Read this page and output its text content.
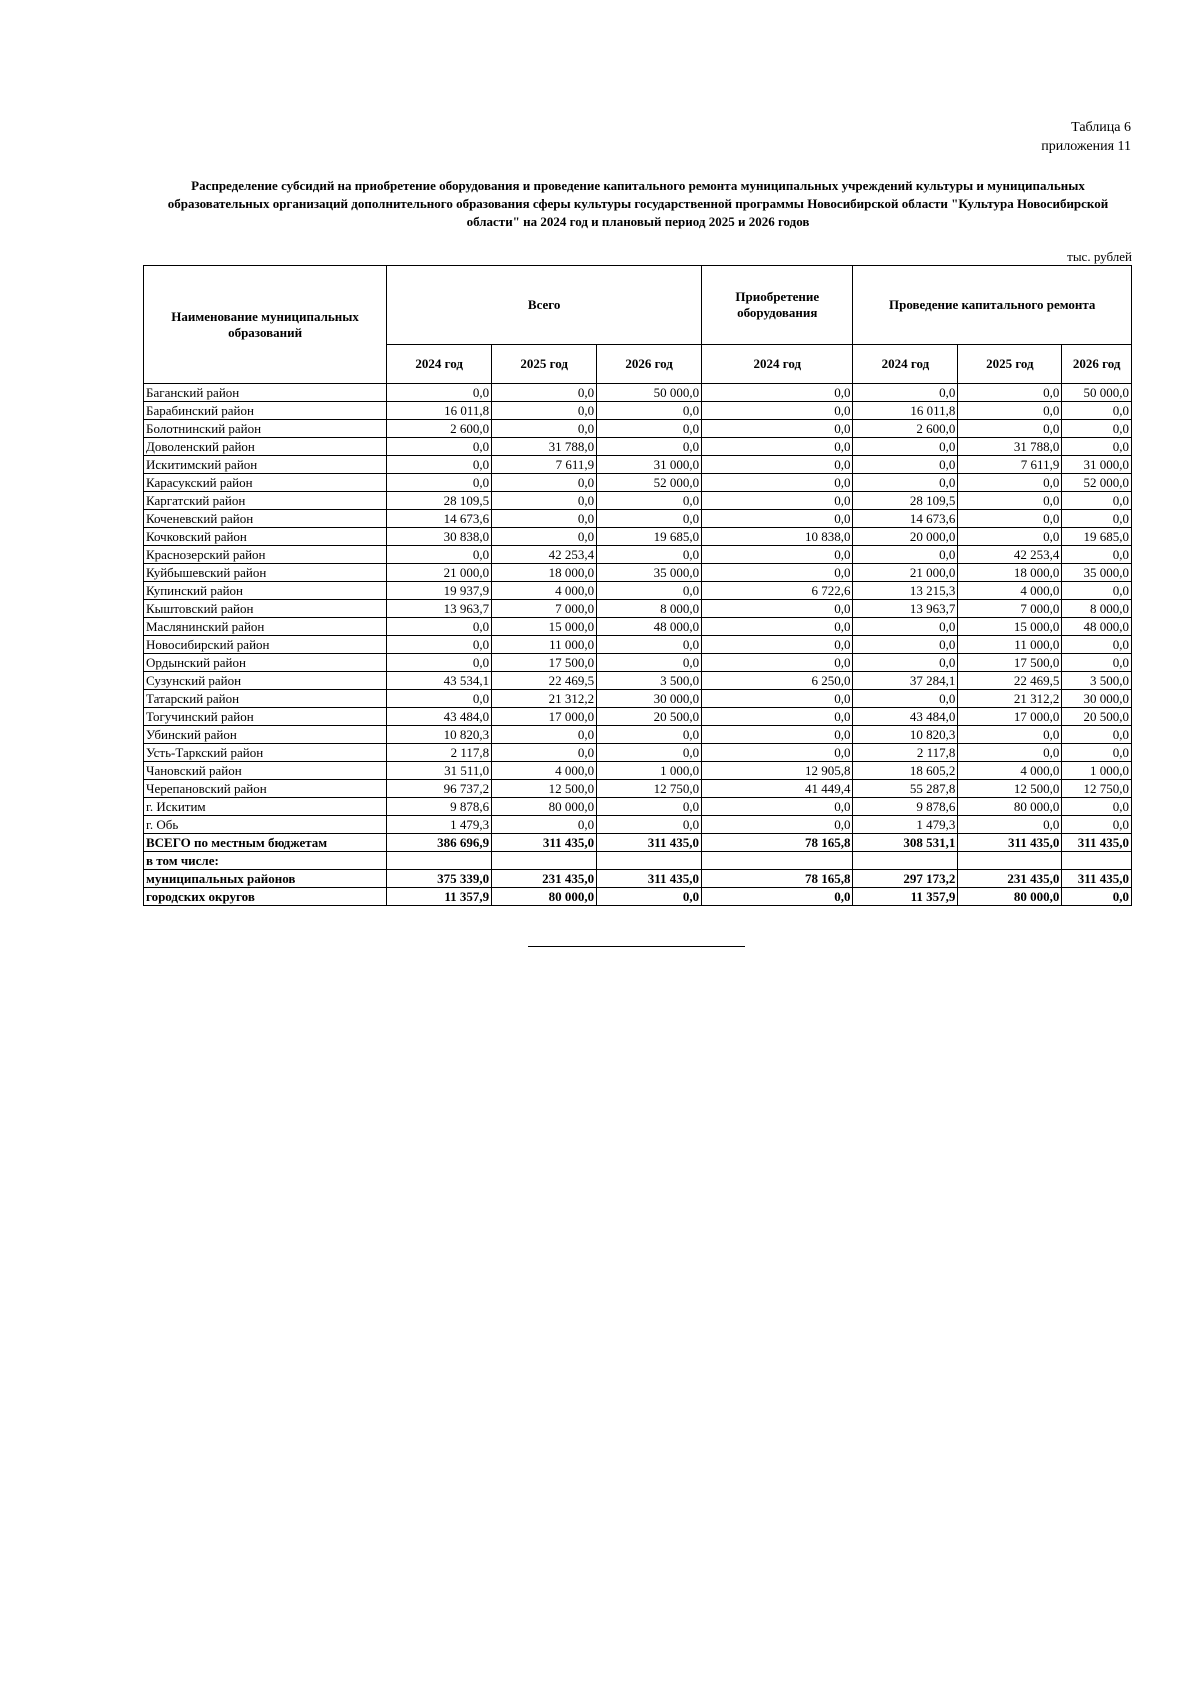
Таблица 6
приложения 11
Распределение субсидий на приобретение оборудования и проведение капитального ремонта муниципальных учреждений культуры и муниципальных образовательных организаций дополнительного образования сферы культуры государственной программы Новосибирской области "Культура Новосибирской области" на 2024 год и плановый период 2025 и 2026 годов
тыс. рублей
Наименование муниципальных образований	Всего			Приобретение оборудования	Проведение капитального ремонта		
	2024 год	2025 год	2026 год	2024 год	2024 год	2025 год	2026 год
Баганский район	0,0	0,0	50 000,0	0,0	0,0	0,0	50 000,0
Барабинский район	16 011,8	0,0	0,0	0,0	16 011,8	0,0	0,0
Болотнинский район	2 600,0	0,0	0,0	0,0	2 600,0	0,0	0,0
Доволенский район	0,0	31 788,0	0,0	0,0	0,0	31 788,0	0,0
Искитимский район	0,0	7 611,9	31 000,0	0,0	0,0	7 611,9	31 000,0
Карасукский район	0,0	0,0	52 000,0	0,0	0,0	0,0	52 000,0
Каргатский район	28 109,5	0,0	0,0	0,0	28 109,5	0,0	0,0
Коченевский район	14 673,6	0,0	0,0	0,0	14 673,6	0,0	0,0
Кочковский район	30 838,0	0,0	19 685,0	10 838,0	20 000,0	0,0	19 685,0
Краснозерский район	0,0	42 253,4	0,0	0,0	0,0	42 253,4	0,0
Куйбышевский район	21 000,0	18 000,0	35 000,0	0,0	21 000,0	18 000,0	35 000,0
Купинский район	19 937,9	4 000,0	0,0	6 722,6	13 215,3	4 000,0	0,0
Кыштовский район	13 963,7	7 000,0	8 000,0	0,0	13 963,7	7 000,0	8 000,0
Маслянинский район	0,0	15 000,0	48 000,0	0,0	0,0	15 000,0	48 000,0
Новосибирский район	0,0	11 000,0	0,0	0,0	0,0	11 000,0	0,0
Ордынский район	0,0	17 500,0	0,0	0,0	0,0	17 500,0	0,0
Сузунский район	43 534,1	22 469,5	3 500,0	6 250,0	37 284,1	22 469,5	3 500,0
Татарский район	0,0	21 312,2	30 000,0	0,0	0,0	21 312,2	30 000,0
Тогучинский район	43 484,0	17 000,0	20 500,0	0,0	43 484,0	17 000,0	20 500,0
Убинский район	10 820,3	0,0	0,0	0,0	10 820,3	0,0	0,0
Усть-Таркский район	2 117,8	0,0	0,0	0,0	2 117,8	0,0	0,0
Чановский район	31 511,0	4 000,0	1 000,0	12 905,8	18 605,2	4 000,0	1 000,0
Черепановский район	96 737,2	12 500,0	12 750,0	41 449,4	55 287,8	12 500,0	12 750,0
г. Искитим	9 878,6	80 000,0	0,0	0,0	9 878,6	80 000,0	0,0
г. Обь	1 479,3	0,0	0,0	0,0	1 479,3	0,0	0,0
ВСЕГО по местным бюджетам	386 696,9	311 435,0	311 435,0	78 165,8	308 531,1	311 435,0	311 435,0
в том числе:							
муниципальных районов	375 339,0	231 435,0	311 435,0	78 165,8	297 173,2	231 435,0	311 435,0
городских округов	11 357,9	80 000,0	0,0	0,0	11 357,9	80 000,0	0,0
